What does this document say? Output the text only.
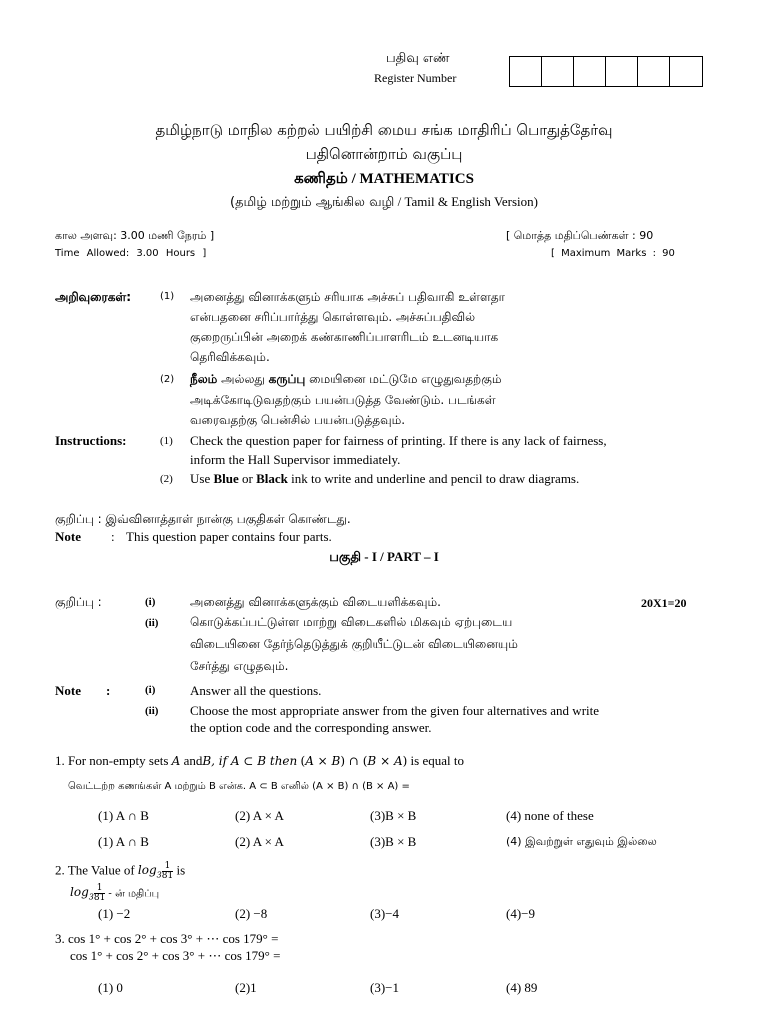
பதிவு எண்
Register Number
தமிழ்நாடு மாநில கற்றல் பயிற்சி மைய சங்க மாதிரிப் பொதுத்தேர்வு
பதினொன்றாம் வகுப்பு
கணிதம் / MATHEMATICS
(தமிழ் மற்றும் ஆங்கில வழி / Tamil & English Version)
கால அளவு: 3.00 மணி நேரம் ]
Time Allowed: 3.00 Hours ]
[ மொத்த மதிப்பெண்கள் : 90
[ Maximum Marks : 90
அறிவுரைகள்:	(1) அனைத்து வினாக்களும் சரியாக அச்சுப் பதிவாகி உள்ளதா
என்பதனை சரிப்பார்த்து கொள்ளவும். அச்சுப்பதிவில்
குறைருப்பின் அறைக் கண்காணிப்பாளரிடம் உடனடியாக
தெரிவிக்கவும்.
(2) நீலம் அல்லது கருப்பு மையினை மட்டுமே எழுதுவதற்கும்
அடிக்கோடிடுவதற்கும் பயன்படுத்த வேண்டும். படங்கள்
வரைவதற்கு பென்சில் பயன்படுத்தவும்.
Instructions:	(1) Check the question paper for fairness of printing. If there is any lack of fairness,
inform the Hall Supervisor immediately.
(2) Use Blue or Black ink to write and underline and pencil to draw diagrams.
குறிப்பு : இவ்வினாத்தாள் நான்கு பகுதிகள் கொண்டது.
Note : This question paper contains four parts.
பகுதி - I / PART – I
குறிப்பு :	(i)	அனைத்து வினாக்களுக்கும் விடையளிக்கவும்.	20X1=20
(ii)	கொடுக்கப்பட்டுள்ள மாற்று விடைகளில் மிகவும் ஏற்புடைய
விடையினை தேர்ந்தெடுத்துக் குறியீட்டுடன் விடையினையும்
சேர்த்து எழுதவும்.
Note :	(i)	Answer all the questions.
(ii) Choose the most appropriate answer from the given four alternatives and write
the option code and the corresponding answer.
1. For non-empty sets A andB, if A ⊂ B then (A × B) ∩ (B × A) is equal to
வெட்டற்ற கணங்கள் A மற்றும் B என்க. A ⊂ B எனில் (A × B) ∩ (B × A) =
(1) A ∩ B	(2) A × A	(3)B × B	(4) none of these
(1) A ∩ B	(2) A × A	(3)B × B	(4) இவற்றுள் எதுவும் இல்லை
2. The Value of $\log_3 \frac{1}{81}$ is
$\log_3 \frac{1}{81}$ - ன் மதிப்பு
(1) −2	(2) −8	(3)−4	(4)−9
3. cos 1° + cos 2° + cos 3° + ⋯ cos 179° =
cos 1° + cos 2° + cos 3° + ⋯ cos 179° =
(1) 0	(2)1	(3)−1	(4) 89
